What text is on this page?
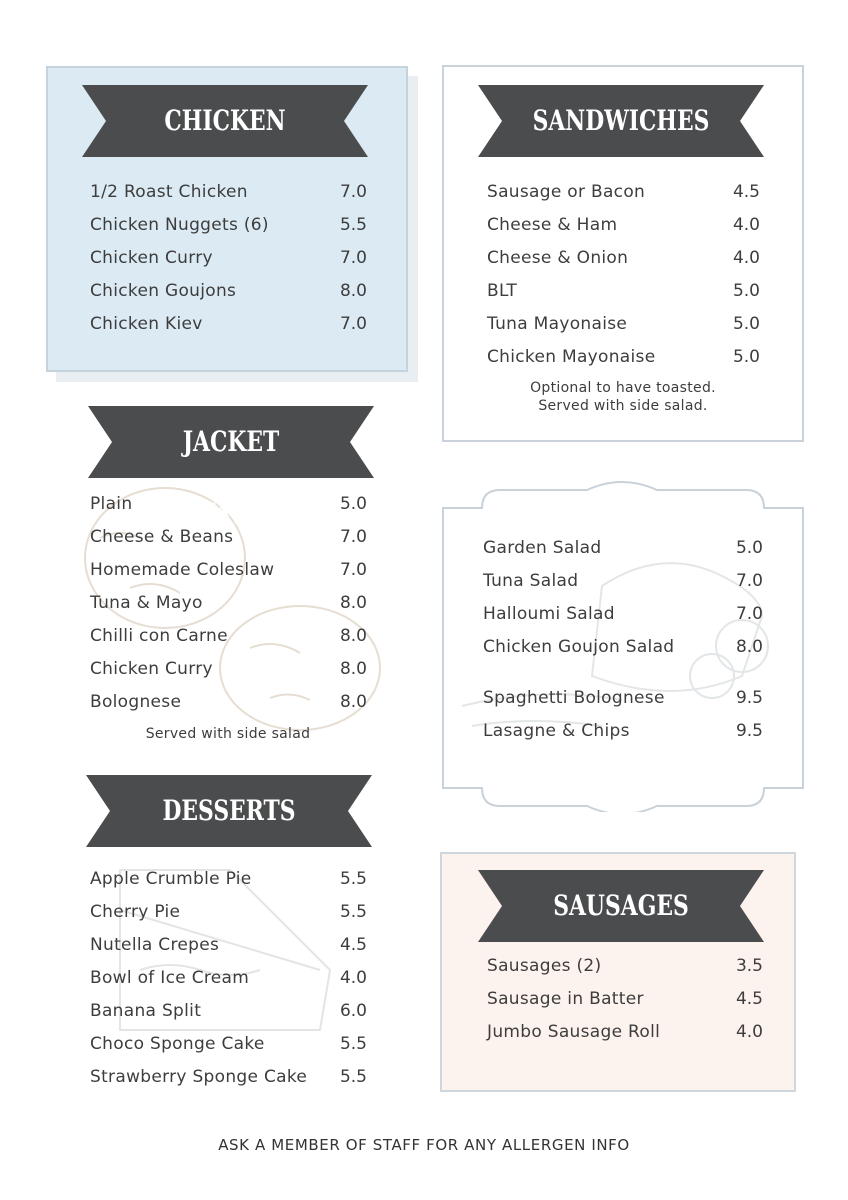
CHICKEN
1/2 Roast Chicken	7.0
Chicken Nuggets (6)	5.5
Chicken Curry	7.0
Chicken Goujons	8.0
Chicken Kiev	7.0
SANDWICHES
Sausage or Bacon	4.5
Cheese & Ham	4.0
Cheese & Onion	4.0
BLT	5.0
Tuna Mayonaise	5.0
Chicken Mayonaise	5.0
Optional to have toasted.
Served with side salad.
JACKET POTATOES
Plain	5.0
Cheese & Beans	7.0
Homemade Coleslaw	7.0
Tuna & Mayo	8.0
Chilli con Carne	8.0
Chicken Curry	8.0
Bolognese	8.0
Served with side salad
Garden Salad	5.0
Tuna Salad	7.0
Halloumi Salad	7.0
Chicken Goujon Salad	8.0
Spaghetti Bolognese	9.5
Lasagne & Chips	9.5
DESSERTS
Apple Crumble Pie	5.5
Cherry Pie	5.5
Nutella Crepes	4.5
Bowl of Ice Cream	4.0
Banana Split	6.0
Choco Sponge Cake	5.5
Strawberry Sponge Cake	5.5
SAUSAGES
Sausages (2)	3.5
Sausage in Batter	4.5
Jumbo Sausage Roll	4.0
ASK A MEMBER OF STAFF FOR ANY ALLERGEN INFO
